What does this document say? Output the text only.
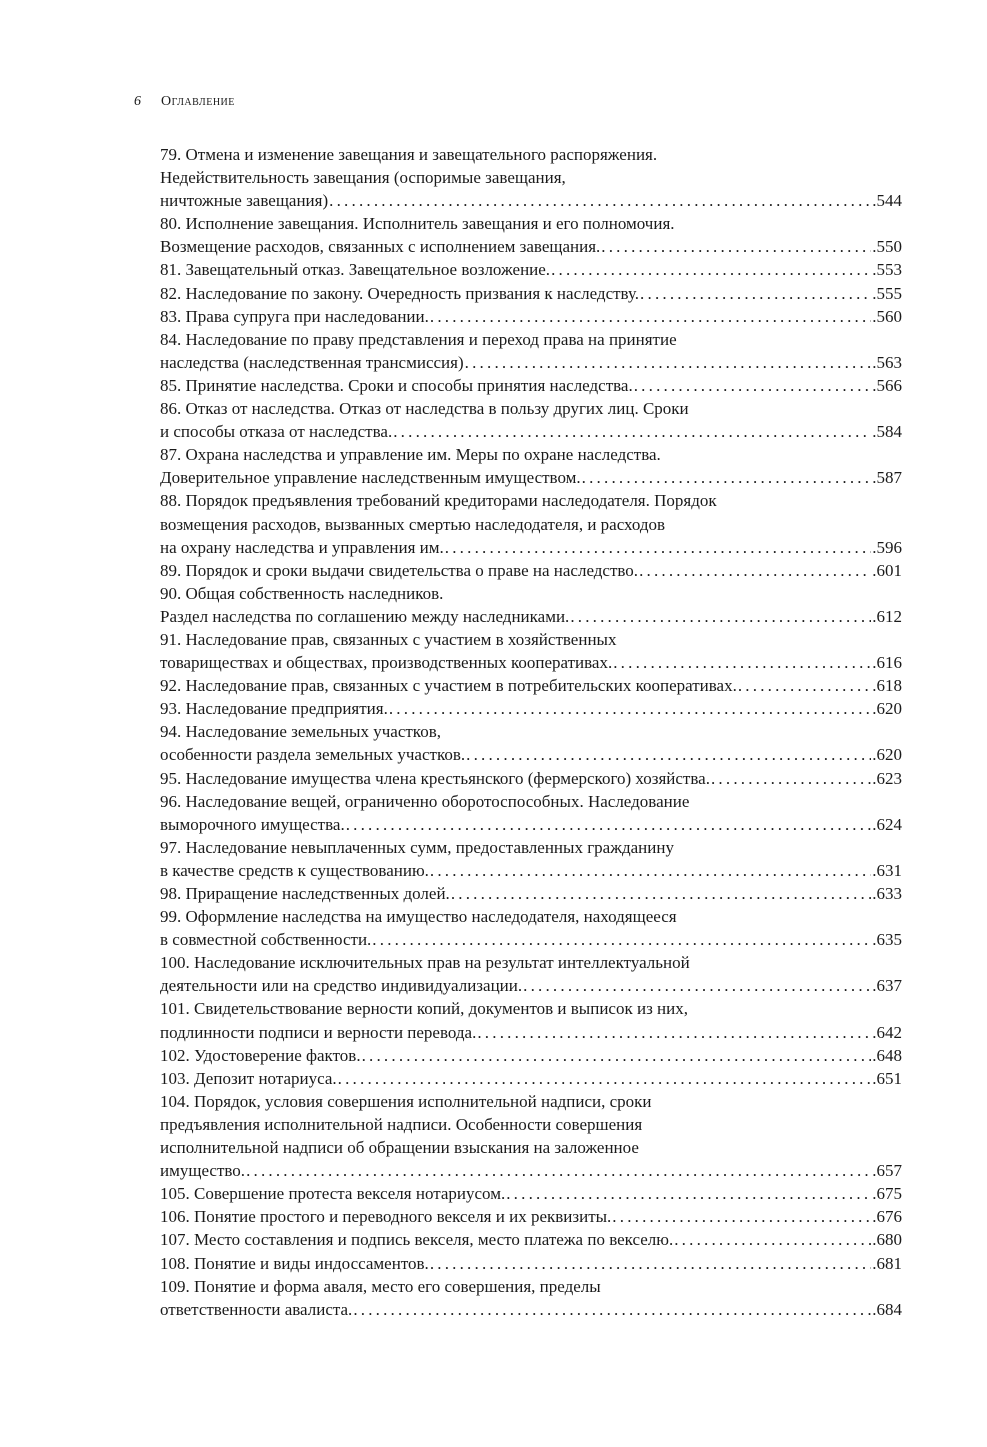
6 Оглавление
79. Отмена и изменение завещания и завещательного распоряжения.
Недействительность завещания (оспоримые завещания,
ничтожные завещания) .....	.544
80. Исполнение завещания. Исполнитель завещания и его полномочия.
Возмещение расходов, связанных с исполнением завещания. .....	.550
81. Завещательный отказ. Завещательное возложение. .....	.553
82. Наследование по закону. Очередность призвания к наследству. .....	.555
83. Права супруга при наследовании. .....	.560
84. Наследование по праву представления и переход права на принятие
наследства (наследственная трансмиссия) .....	.563
85. Принятие наследства. Сроки и способы принятия наследства. .....	.566
86. Отказ от наследства. Отказ от наследства в пользу других лиц. Сроки
и способы отказа от наследства. .....	.584
87. Охрана наследства и управление им. Меры по охране наследства.
Доверительное управление наследственным имуществом. .....	.587
88. Порядок предъявления требований кредиторами наследодателя. Порядок
возмещения расходов, вызванных смертью наследодателя, и расходов
на охрану наследства и управления им. .....	.596
89. Порядок и сроки выдачи свидетельства о праве на наследство. .....	.601
90. Общая собственность наследников.
Раздел наследства по соглашению между наследниками. .....	.612
91. Наследование прав, связанных с участием в хозяйственных
товариществах и обществах, производственных кооперативах. .....	.616
92. Наследование прав, связанных с участием в потребительских кооперативах. .....	.618
93. Наследование предприятия. .....	.620
94. Наследование земельных участков,
особенности раздела земельных участков. .....	.620
95. Наследование имущества члена крестьянского (фермерского) хозяйства. .....	.623
96. Наследование вещей, ограниченно оборотоспособных. Наследование
выморочного имущества. .....	.624
97. Наследование невыплаченных сумм, предоставленных гражданину
в качестве средств к существованию. .....	.631
98. Приращение наследственных долей. .....	.633
99. Оформление наследства на имущество наследодателя, находящееся
в совместной собственности. .....	.635
100. Наследование исключительных прав на результат интеллектуальной
деятельности или на средство индивидуализации. .....	.637
101. Свидетельствование верности копий, документов и выписок из них,
подлинности подписи и верности перевода. .....	.642
102. Удостоверение фактов. .....	.648
103. Депозит нотариуса. .....	.651
104. Порядок, условия совершения исполнительной надписи, сроки
предъявления исполнительной надписи. Особенности совершения
исполнительной надписи об обращении взыскания на заложенное
имущество. .....	.657
105. Совершение протеста векселя нотариусом. .....	.675
106. Понятие простого и переводного векселя и их реквизиты. .....	.676
107. Место составления и подпись векселя, место платежа по векселю. .....	.680
108. Понятие и виды индоссаментов. .....	.681
109. Понятие и форма аваля, место его совершения, пределы
ответственности авалиста. .....	.684
